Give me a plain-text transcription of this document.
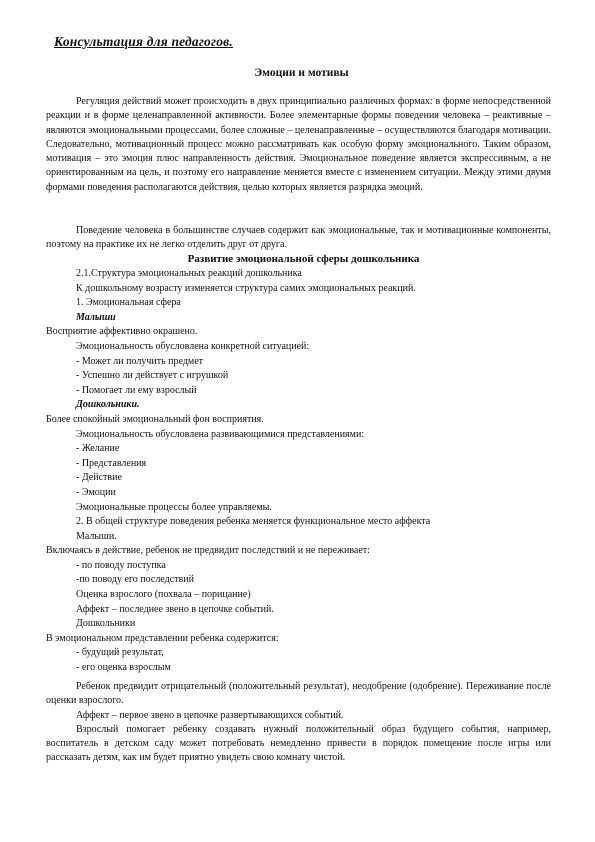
Консультация для педагогов.
Эмоции и мотивы

Регуляция действий может происходить в двух принципиально различных формах: в форме непосредственной реакции и в форме целенаправленной активности. Более элементарные формы поведения человека – реактивные – являются эмоциональными процессами, более сложные – целенаправленные – осуществляются благодаря мотивации. Следовательно, мотивационный процесс можно рассматривать как особую форму эмоционального. Таким образом, мотивация – это эмоция плюс направленность действия. Эмоциональное поведение является экспрессивным, а не ориентированным на цель, и поэтому его направление меняется вместе с изменением ситуации. Между этими двумя формами поведения располагаются действия, целью которых является разрядка эмоций.

Поведение человека в большинстве случаев содержит как эмоциональные, так и мотивационные компоненты, поэтому на практике их не легко отделить друг от друга.

Развитие эмоциональной сферы дошкольника
2.1.Структура эмоциональных реакций дошкольника
К дошкольному возрасту изменяется структура самих эмоциональных реакций.
1. Эмоциональная сфера
Малыши
Восприятие аффективно окрашено.
Эмоциональность обусловлена конкретной ситуацией:
- Может ли получить предмет
- Успешно ли действует с игрушкой
- Помогает ли ему взрослый
Дошкольники.
Более спокойный эмоциональный фон восприятия.
Эмоциональность обусловлена развивающимися представлениями:
- Желание
- Представления
- Действие
- Эмоции
Эмоциональные процессы более управляемы.
2. В общей структуре поведения ребенка меняется функциональное место аффекта
Малыши.
Включаясь в действие, ребенок не предвидит последствий и не переживает:
- по поводу поступка
-по поводу его последствий
Оценка взрослого (похвала – порицание)
Аффект – последнее звено в цепочке событий.
Дошкольники
В эмоциональном представлении ребенка содержится:
- будущий результат,
- его оценка взрослым

Ребенок предвидит отрицательный (положительный результат), неодобрение (одобрение). Переживание после оценки взрослого.

Аффект – первое звено в цепочке развертывающихся событий.

Взрослый помогает ребенку создавать нужный положительный образ будущего события, например, воспитатель в детском саду может потребовать немедленно привести в порядок помещение после игры или рассказать детям, как им будет приятно увидеть свою комнату чистой.
